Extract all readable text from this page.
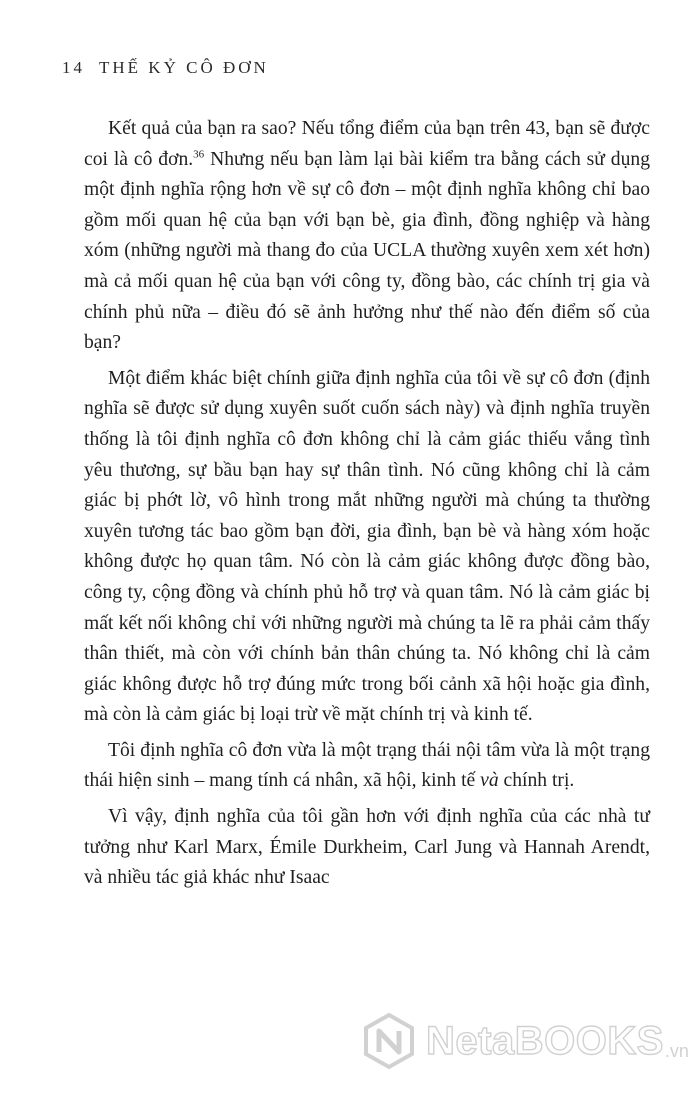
14 THẾ KỶ CÔ ĐƠN

Kết quả của bạn ra sao? Nếu tổng điểm của bạn trên 43, bạn sẽ được coi là cô đơn.$^{36}$ Nhưng nếu bạn làm lại bài kiểm tra bằng cách sử dụng một định nghĩa rộng hơn về sự cô đơn – một định nghĩa không chỉ bao gồm mối quan hệ của bạn với bạn bè, gia đình, đồng nghiệp và hàng xóm (những người mà thang đo của UCLA thường xuyên xem xét hơn) mà cả mối quan hệ của bạn với công ty, đồng bào, các chính trị gia và chính phủ nữa – điều đó sẽ ảnh hưởng như thế nào đến điểm số của bạn?

Một điểm khác biệt chính giữa định nghĩa của tôi về sự cô đơn (định nghĩa sẽ được sử dụng xuyên suốt cuốn sách này) và định nghĩa truyền thống là tôi định nghĩa cô đơn không chỉ là cảm giác thiếu vắng tình yêu thương, sự bầu bạn hay sự thân tình. Nó cũng không chỉ là cảm giác bị phớt lờ, vô hình trong mắt những người mà chúng ta thường xuyên tương tác bao gồm bạn đời, gia đình, bạn bè và hàng xóm hoặc không được họ quan tâm. Nó còn là cảm giác không được đồng bào, công ty, cộng đồng và chính phủ hỗ trợ và quan tâm. Nó là cảm giác bị mất kết nối không chỉ với những người mà chúng ta lẽ ra phải cảm thấy thân thiết, mà còn với chính bản thân chúng ta. Nó không chỉ là cảm giác không được hỗ trợ đúng mức trong bối cảnh xã hội hoặc gia đình, mà còn là cảm giác bị loại trừ về mặt chính trị và kinh tế.

Tôi định nghĩa cô đơn vừa là một trạng thái nội tâm vừa là một trạng thái hiện sinh – mang tính cá nhân, xã hội, kinh tế và chính trị.

Vì vậy, định nghĩa của tôi gần hơn với định nghĩa của các nhà tư tưởng như Karl Marx, Émile Durkheim, Carl Jung và Hannah Arendt, và nhiều tác giả khác như Isaac

NetaBOOKS .vn
